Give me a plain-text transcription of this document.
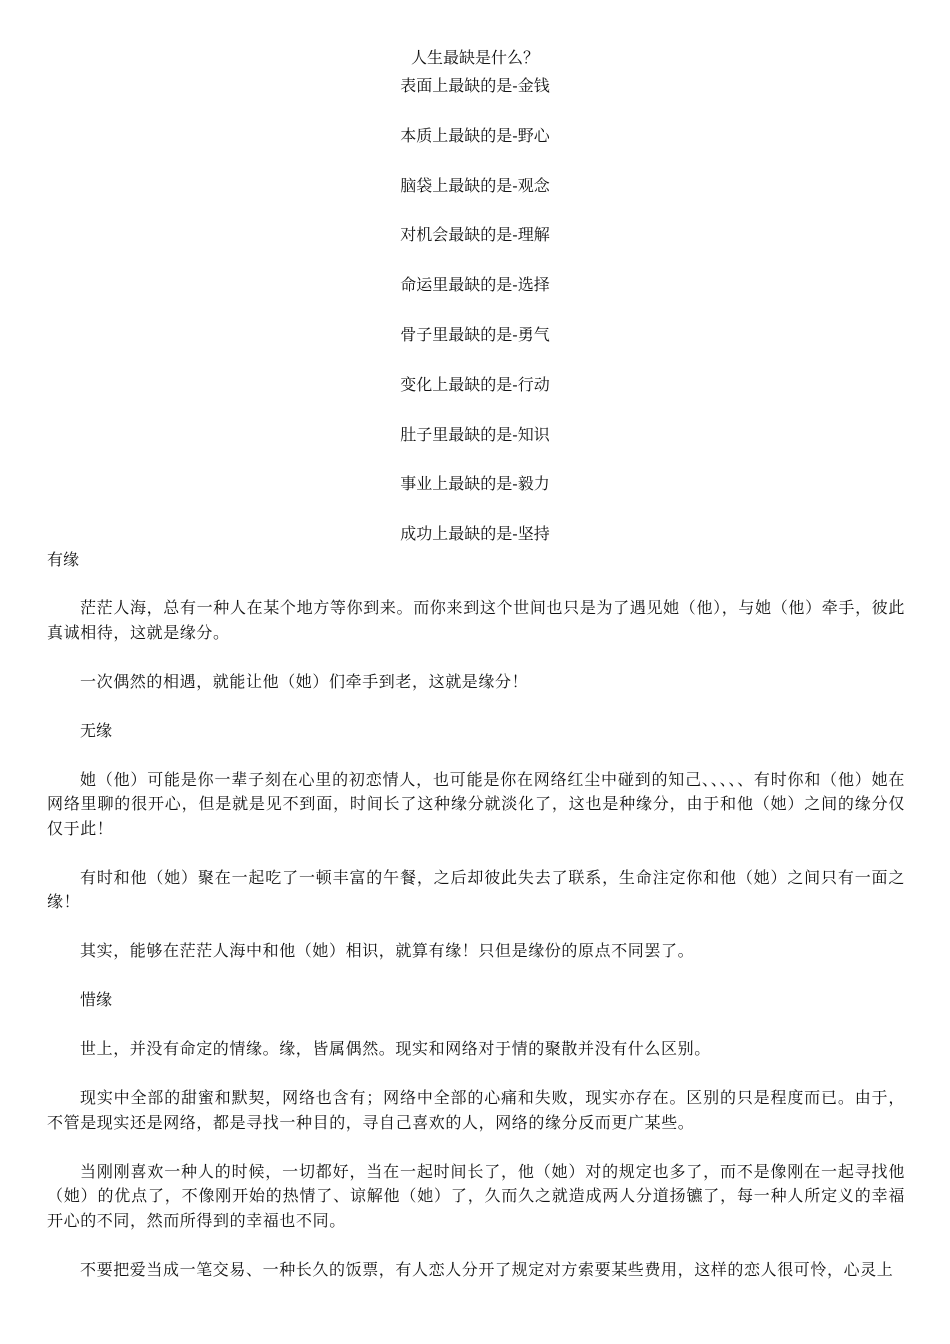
人生最缺是什么？
表面上最缺的是-金钱
本质上最缺的是-野心
脑袋上最缺的是-观念
对机会最缺的是-理解
命运里最缺的是-选择
骨子里最缺的是-勇气
变化上最缺的是-行动
肚子里最缺的是-知识
事业上最缺的是-毅力
成功上最缺的是-坚持
有缘

茫茫人海，总有一种人在某个地方等你到来。而你来到这个世间也只是为了遇见她（他），与她（他）牵手，彼此真诚相待，这就是缘分。

一次偶然的相遇，就能让他（她）们牵手到老，这就是缘分！

无缘

她（他）可能是你一辈子刻在心里的初恋情人，也可能是你在网络红尘中碰到的知己、、、、、有时你和（他）她在网络里聊的很开心，但是就是见不到面，时间长了这种缘分就淡化了，这也是种缘分，由于和他（她）之间的缘分仅仅于此！

有时和他（她）聚在一起吃了一顿丰富的午餐，之后却彼此失去了联系，生命注定你和他（她）之间只有一面之缘！

其实，能够在茫茫人海中和他（她）相识，就算有缘！只但是缘份的原点不同罢了。

惜缘

世上，并没有命定的情缘。缘，皆属偶然。现实和网络对于情的聚散并没有什么区别。

现实中全部的甜蜜和默契，网络也含有；网络中全部的心痛和失败，现实亦存在。区别的只是程度而已。由于，不管是现实还是网络，都是寻找一种目的，寻自己喜欢的人，网络的缘分反而更广某些。

当刚刚喜欢一种人的时候，一切都好，当在一起时间长了，他（她）对的规定也多了，而不是像刚在一起寻找他（她）的优点了，不像刚开始的热情了、谅解他（她）了，久而久之就造成两人分道扬镳了，每一种人所定义的幸福开心的不同，然而所得到的幸福也不同。

不要把爱当成一笔交易、一种长久的饭票，有人恋人分开了规定对方索要某些费用，这样的恋人很可怜，心灵上
